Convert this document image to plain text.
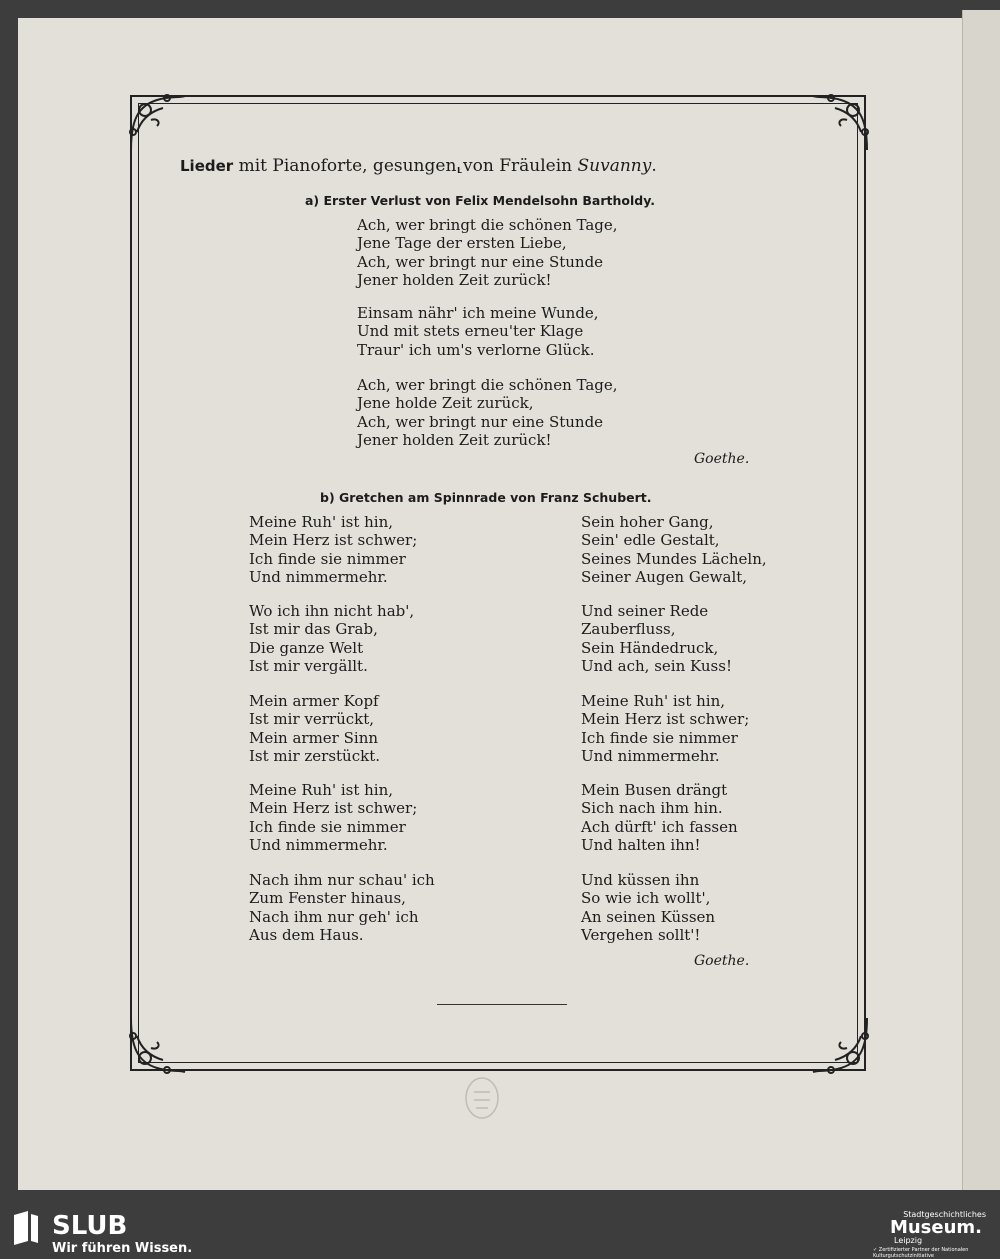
Lieder mit Pianoforte, gesungen⸤von Fräulein Suvanny.
a) Erster Verlust von Felix Mendelsohn Bartholdy.
Ach, wer bringt die schönen Tage,
Jene Tage der ersten Liebe,
Ach, wer bringt nur eine Stunde
Jener holden Zeit zurück!
Einsam nähr' ich meine Wunde,
Und mit stets erneu'ter Klage
Traur' ich um's verlorne Glück.
Ach, wer bringt die schönen Tage,
Jene holde Zeit zurück,
Ach, wer bringt nur eine Stunde
Jener holden Zeit zurück!
Goethe.
b) Gretchen am Spinnrade von Franz Schubert.
Meine Ruh' ist hin,
Mein Herz ist schwer;
Ich finde sie nimmer
Und nimmermehr.
Wo ich ihn nicht hab',
Ist mir das Grab,
Die ganze Welt
Ist mir vergällt.
Mein armer Kopf
Ist mir verrückt,
Mein armer Sinn
Ist mir zerstückt.
Meine Ruh' ist hin,
Mein Herz ist schwer;
Ich finde sie nimmer
Und nimmermehr.
Nach ihm nur schau' ich
Zum Fenster hinaus,
Nach ihm nur geh' ich
Aus dem Haus.
Sein hoher Gang,
Sein' edle Gestalt,
Seines Mundes Lächeln,
Seiner Augen Gewalt,
Und seiner Rede
Zauberfluss,
Sein Händedruck,
Und ach, sein Kuss!
Meine Ruh' ist hin,
Mein Herz ist schwer;
Ich finde sie nimmer
Und nimmermehr.
Mein Busen drängt
Sich nach ihm hin.
Ach dürft' ich fassen
Und halten ihn!
Und küssen ihn
So wie ich wollt',
An seinen Küssen
Vergehen sollt'!
Goethe.
SLUB
Wir führen Wissen.
Stadtgeschichtliches
Museum.
Leipzig
✓ Zertifizierter Partner der Nationalen Kulturgutschutzinitiative
